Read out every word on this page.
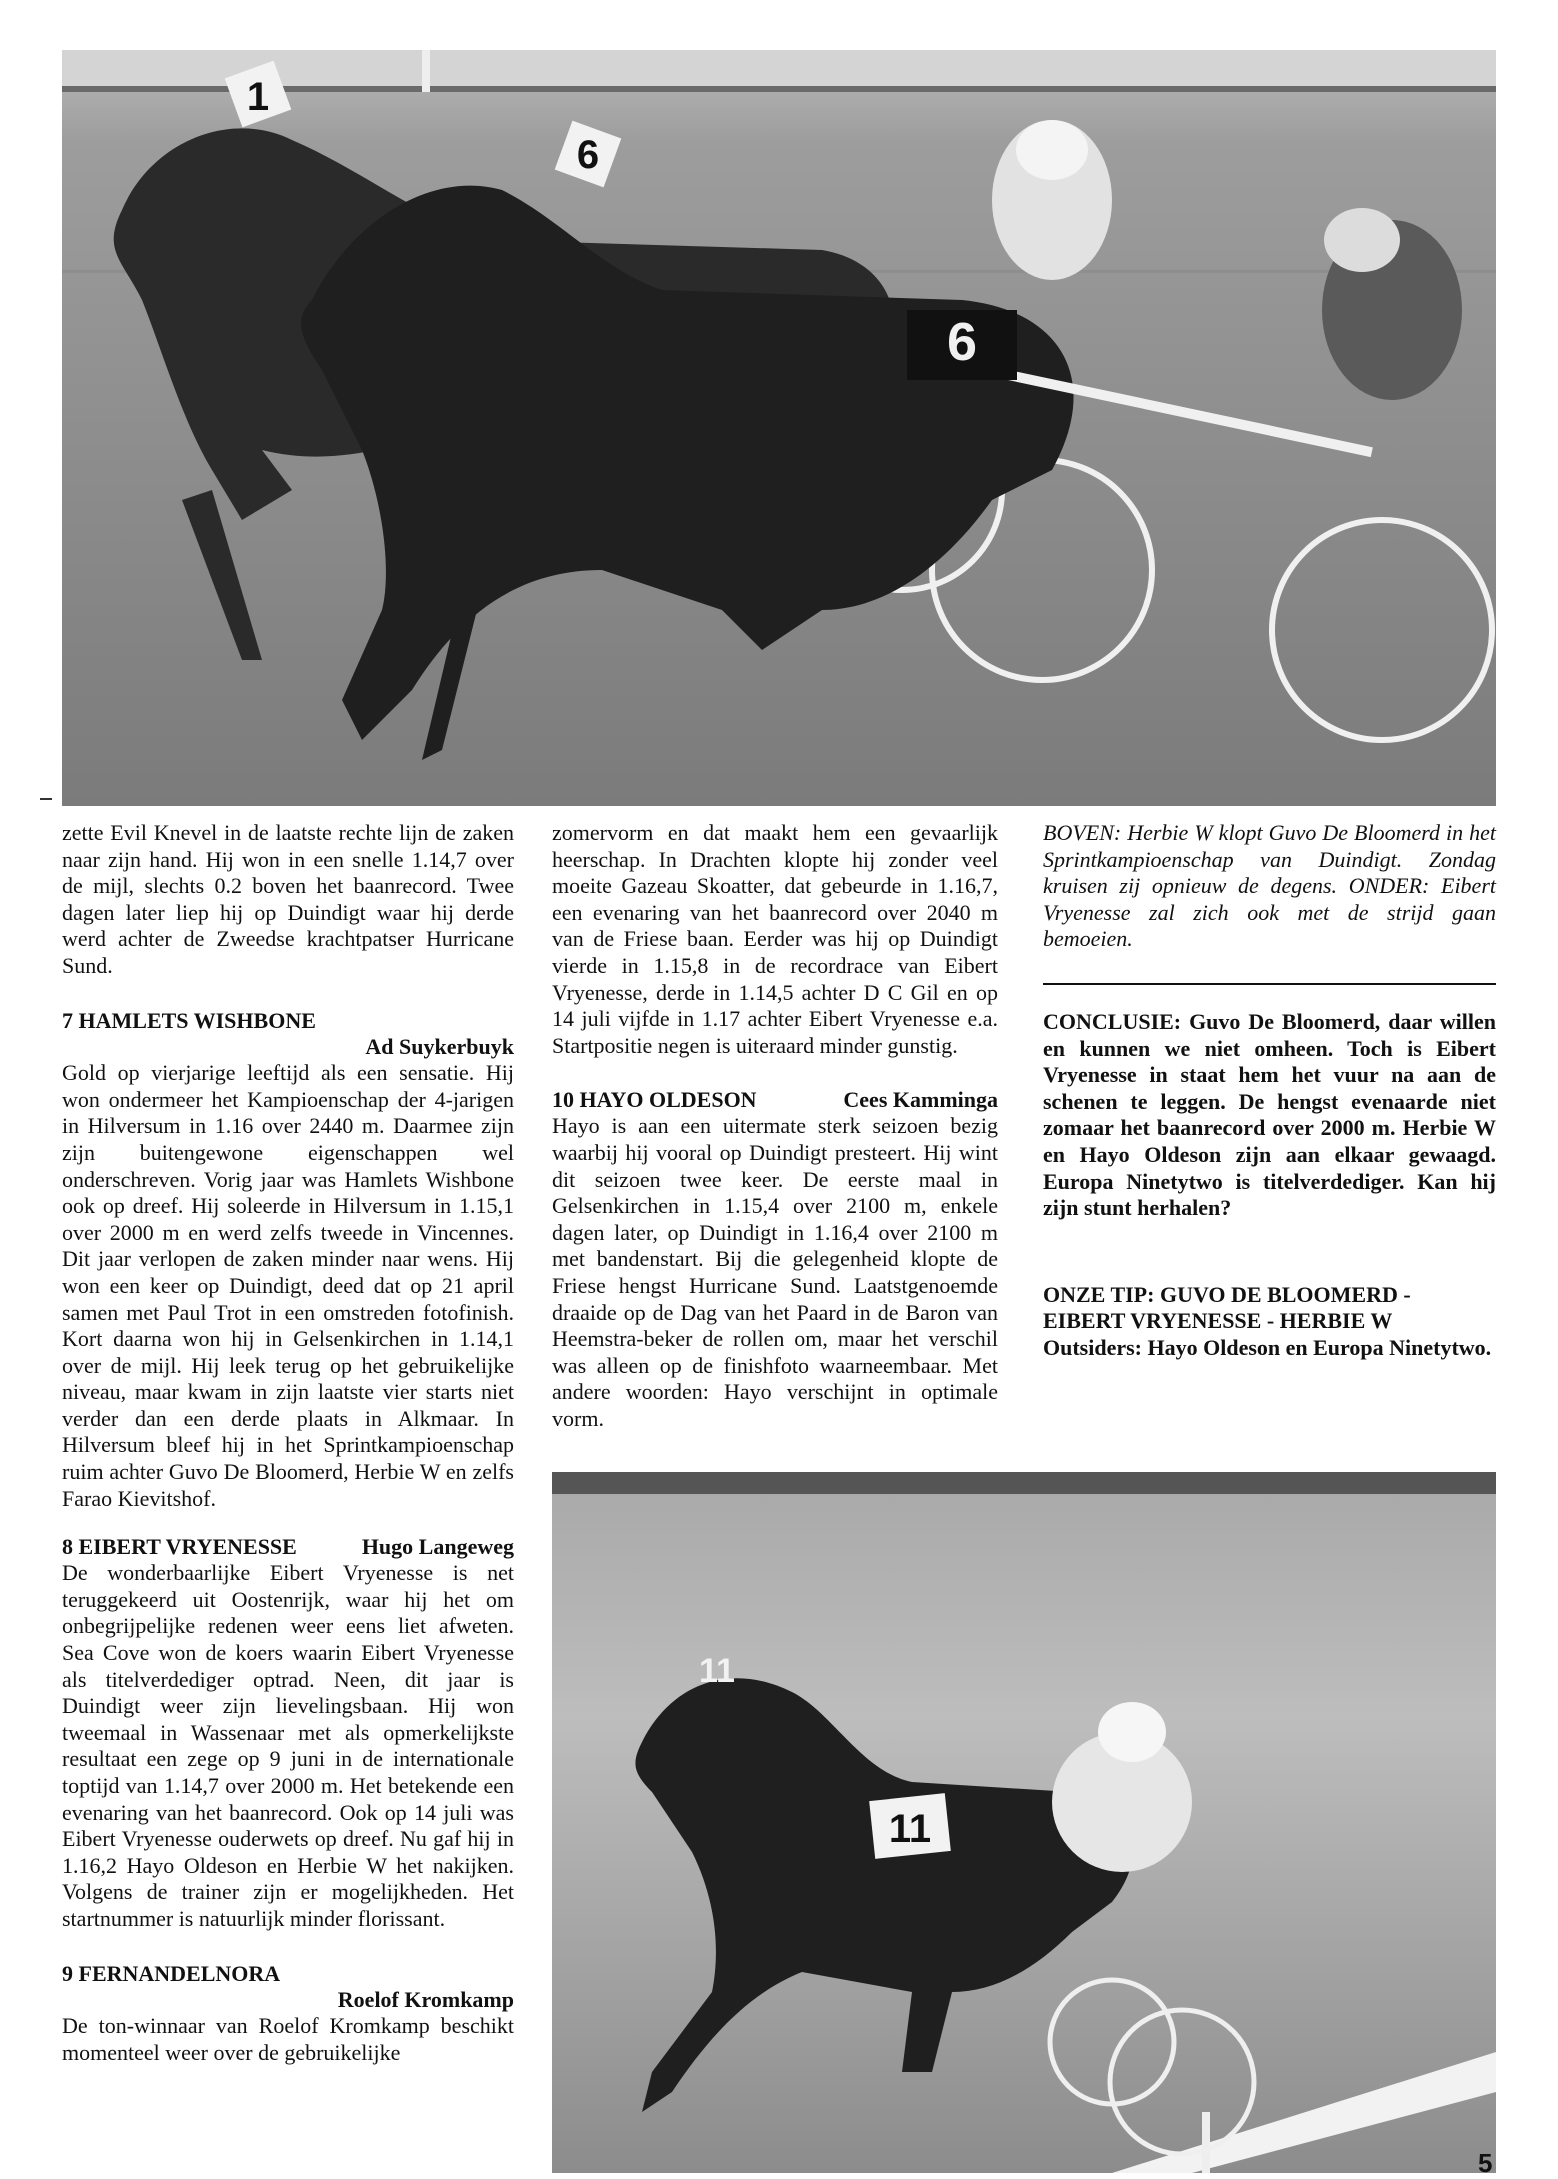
6
1
6

zette Evil Knevel in de laatste rechte lijn de zaken naar zijn hand. Hij won in een snelle 1.14,7 over de mijl, slechts 0.2 boven het baanrecord. Twee dagen later liep hij op Duindigt waar hij derde werd achter de Zweedse krachtpatser Hurricane Sund.

7 HAMLETS WISHBONE
Ad Suykerbuyk

Gold op vierjarige leeftijd als een sensatie. Hij won ondermeer het Kampioenschap der 4-jarigen in Hilversum in 1.16 over 2440 m. Daarmee zijn zijn buitengewone eigenschappen wel onderschreven. Vorig jaar was Hamlets Wishbone ook op dreef. Hij soleerde in Hilversum in 1.15,1 over 2000 m en werd zelfs tweede in Vincennes. Dit jaar verlopen de zaken minder naar wens. Hij won een keer op Duindigt, deed dat op 21 april samen met Paul Trot in een omstreden fotofinish. Kort daarna won hij in Gelsenkirchen in 1.14,1 over de mijl. Hij leek terug op het gebruikelijke niveau, maar kwam in zijn laatste vier starts niet verder dan een derde plaats in Alkmaar. In Hilversum bleef hij in het Sprintkampioenschap ruim achter Guvo De Bloomerd, Herbie W en zelfs Farao Kievitshof.

8 EIBERT VRYENESSE	Hugo Langeweg

De wonderbaarlijke Eibert Vryenesse is net teruggekeerd uit Oostenrijk, waar hij het om onbegrijpelijke redenen weer eens liet afweten. Sea Cove won de koers waarin Eibert Vryenesse als titelverdediger optrad. Neen, dit jaar is Duindigt weer zijn lievelingsbaan. Hij won tweemaal in Wassenaar met als opmerkelijkste resultaat een zege op 9 juni in de internationale toptijd van 1.14,7 over 2000 m. Het betekende een evenaring van het baanrecord. Ook op 14 juli was Eibert Vryenesse ouderwets op dreef. Nu gaf hij in 1.16,2 Hayo Oldeson en Herbie W het nakijken. Volgens de trainer zijn er mogelijkheden. Het startnummer is natuurlijk minder florissant.

9 FERNANDELNORA
Roelof Kromkamp

De ton-winnaar van Roelof Kromkamp beschikt momenteel weer over de gebruikelijke

zomervorm en dat maakt hem een gevaarlijk heerschap. In Drachten klopte hij zonder veel moeite Gazeau Skoatter, dat gebeurde in 1.16,7, een evenaring van het baanrecord over 2040 m van de Friese baan. Eerder was hij op Duindigt vierde in 1.15,8 in de recordrace van Eibert Vryenesse, derde in 1.14,5 achter D C Gil en op 14 juli vijfde in 1.17 achter Eibert Vryenesse e.a. Startpositie negen is uiteraard minder gunstig.

10 HAYO OLDESON	Cees Kamminga

Hayo is aan een uitermate sterk seizoen bezig waarbij hij vooral op Duindigt presteert. Hij wint dit seizoen twee keer. De eerste maal in Gelsenkirchen in 1.15,4 over 2100 m, enkele dagen later, op Duindigt in 1.16,4 over 2100 m met bandenstart. Bij die gelegenheid klopte de Friese hengst Hurricane Sund. Laatstgenoemde draaide op de Dag van het Paard in de Baron van Heemstra-beker de rollen om, maar het verschil was alleen op de finishfoto waarneembaar. Met andere woorden: Hayo verschijnt in optimale vorm.

BOVEN: Herbie W klopt Guvo De Bloomerd in het Sprintkampioenschap van Duindigt. Zondag kruisen zij opnieuw de degens. ONDER: Eibert Vryenesse zal zich ook met de strijd gaan bemoeien.

CONCLUSIE: Guvo De Bloomerd, daar willen en kunnen we niet omheen. Toch is Eibert Vryenesse in staat hem het vuur na aan de schenen te leggen. De hengst evenaarde niet zomaar het baanrecord over 2000 m. Herbie W en Hayo Oldeson zijn aan elkaar gewaagd. Europa Ninetytwo is titelverdediger. Kan hij zijn stunt herhalen?

ONZE TIP: GUVO DE BLOOMERD -
EIBERT VRYENESSE - HERBIE W

Outsiders: Hayo Oldeson en Europa Ninetytwo.

11
11
5
